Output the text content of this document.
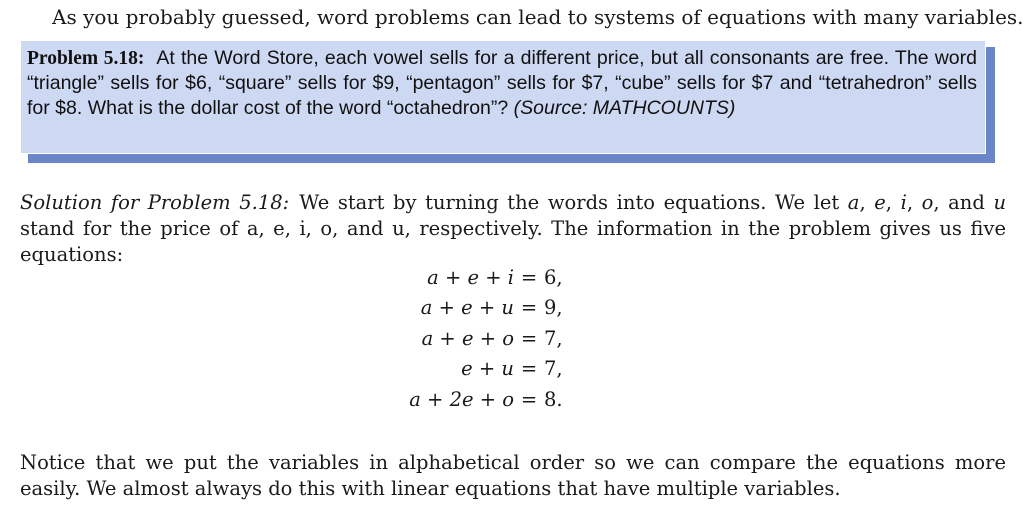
As you probably guessed, word problems can lead to systems of equations with many variables.
Problem 5.18: At the Word Store, each vowel sells for a different price, but all consonants are free. The word “triangle” sells for $6, “square” sells for $9, “pentagon” sells for $7, “cube” sells for $7 and “tetrahedron” sells for $8. What is the dollar cost of the word “octahedron”? (Source: MATHCOUNTS)
Solution for Problem 5.18: We start by turning the words into equations. We let a, e, i, o, and u stand for the price of a, e, i, o, and u, respectively. The information in the problem gives us five equations:
a + e + i = 6,
a + e + u = 9,
a + e + o = 7,
e + u = 7,
a + 2e + o = 8.
Notice that we put the variables in alphabetical order so we can compare the equations more easily. We almost always do this with linear equations that have multiple variables.
